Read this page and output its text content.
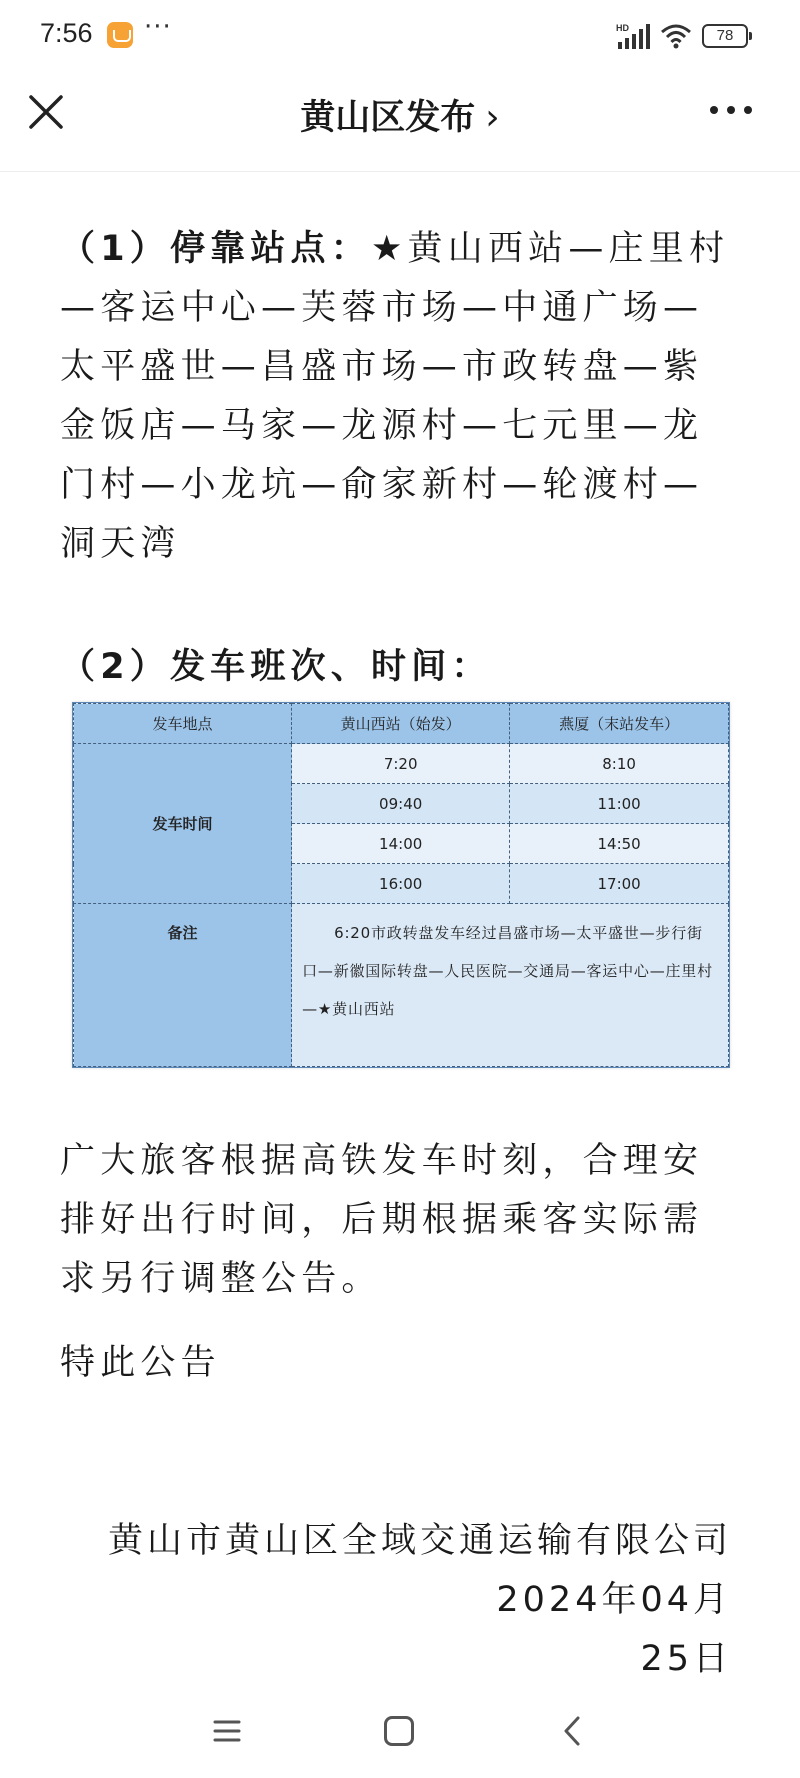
7:56 ···	HD	78
黄山区发布 ›

（1）停靠站点：★黄山西站—庄里村—客运中心—芙蓉市场—中通广场—太平盛世—昌盛市场—市政转盘—紫金饭店—马家—龙源村—七元里—龙门村—小龙坑—俞家新村—轮渡村—洞天湾

（2）发车班次、时间：

发车地点	黄山西站（始发）	燕厦（末站发车）
发车时间	7:20	8:10
	09:40	11:00
	14:00	14:50
	16:00	17:00
备注	6:20市政转盘发车经过昌盛市场—太平盛世—步行街口—新徽国际转盘—人民医院—交通局—客运中心—庄里村—★黄山西站	

广大旅客根据高铁发车时刻，合理安排好出行时间，后期根据乘客实际需求另行调整公告。

特此公告

黄山市黄山区全域交通运输有限公司

2024年04月

25日
